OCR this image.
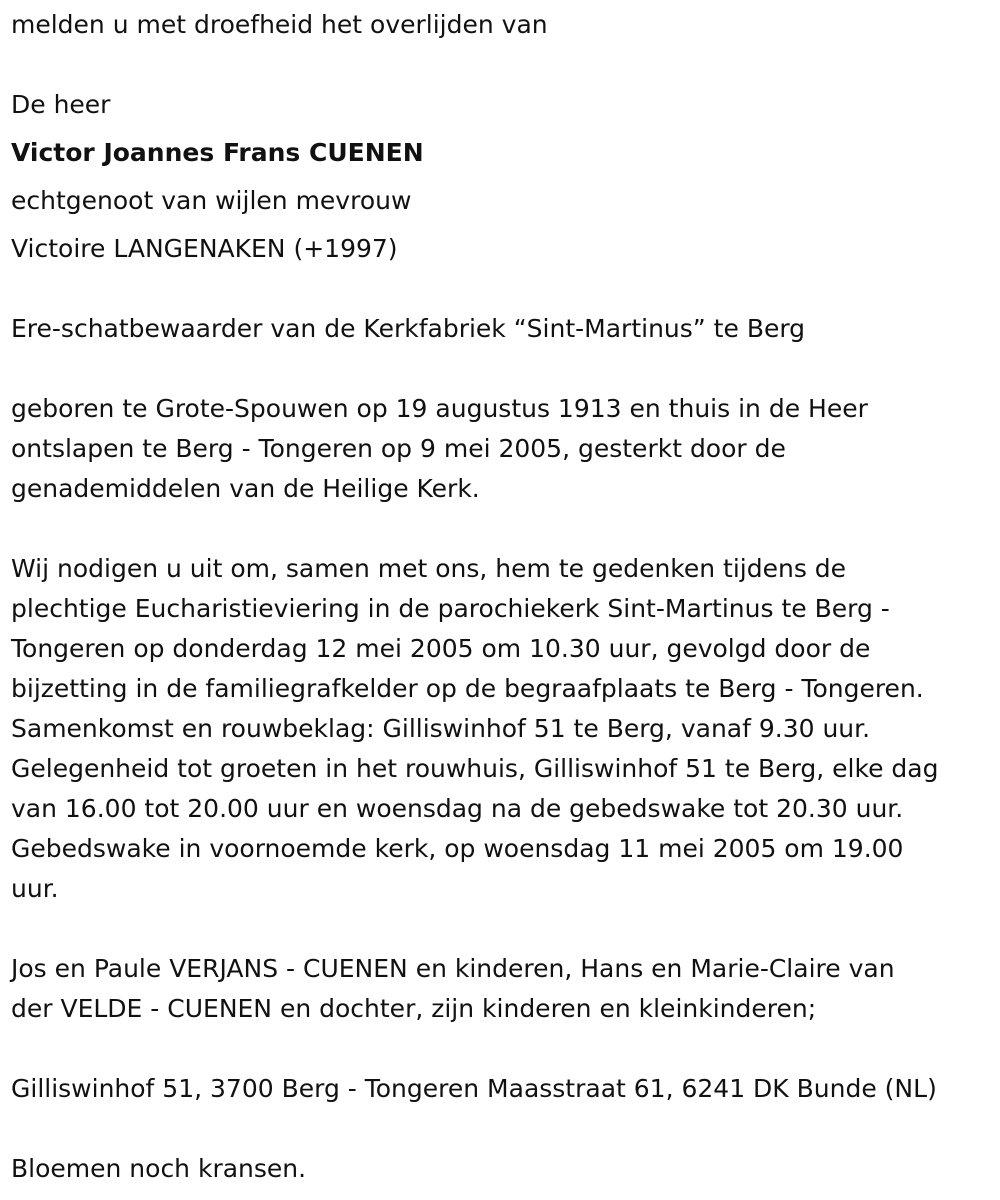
melden u met droefheid het overlijden van
De heer
Victor Joannes Frans CUENEN
echtgenoot van wijlen mevrouw
Victoire LANGENAKEN (+1997)
Ere-schatbewaarder van de Kerkfabriek “Sint-Martinus” te Berg
geboren te Grote-Spouwen op 19 augustus 1913 en thuis in de Heer
ontslapen te Berg - Tongeren op 9 mei 2005, gesterkt door de
genademiddelen van de Heilige Kerk.
Wij nodigen u uit om, samen met ons, hem te gedenken tijdens de
plechtige Eucharistieviering in de parochiekerk Sint-Martinus te Berg -
Tongeren op donderdag 12 mei 2005 om 10.30 uur, gevolgd door de
bijzetting in de familiegrafkelder op de begraafplaats te Berg - Tongeren.
Samenkomst en rouwbeklag: Gilliswinhof 51 te Berg, vanaf 9.30 uur.
Gelegenheid tot groeten in het rouwhuis, Gilliswinhof 51 te Berg, elke dag
van 16.00 tot 20.00 uur en woensdag na de gebedswake tot 20.30 uur.
Gebedswake in voornoemde kerk, op woensdag 11 mei 2005 om 19.00
uur.
Jos en Paule VERJANS - CUENEN en kinderen, Hans en Marie-Claire van
der VELDE - CUENEN en dochter, zijn kinderen en kleinkinderen;
Gilliswinhof 51, 3700 Berg - Tongeren Maasstraat 61, 6241 DK Bunde (NL)
Bloemen noch kransen.
